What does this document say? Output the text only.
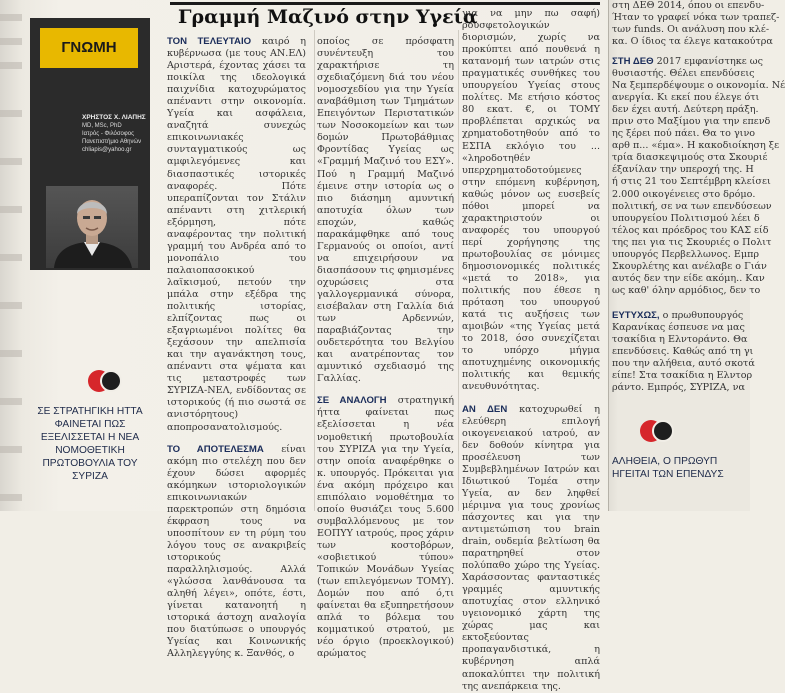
ΓΝΩΜΗ
ΧΡΗΣΤΟΣ Χ. ΛΙΑΠΗΣ
MD, MSc, PhD
Ιατρός - Φιλόσοφος
Πανεπιστήμιο Αθηνών
chliapis@yahoo.gr
ΣΕ ΣΤΡΑΤΗΓΙΚΗ ΗΤΤΑ ΦΑΙΝΕΤΑΙ ΠΩΣ ΕΞΕΛΙΣΣΕΤΑΙ Η ΝΕΑ ΝΟΜΟΘΕΤΙΚΗ ΠΡΩΤΟΒΟΥΛΙΑ ΤΟΥ ΣΥΡΙΖΑ
Γραμμή Μαζινό στην Υγεία

ΤΟΝ ΤΕΛΕΥΤΑΙΟ καιρό η κυβέρνωσα (με τους ΑΝ.ΕΛ) Αριστερά, έχοντας χάσει τα ποικίλα της ιδεολογικά παιχνίδια κατοχυρώματος απέναντι στην οικονομία. Υγεία και ασφάλεια, αναζητά συνεχώς επικοινωνιακές συνταγματικούς ως αμφιλεγόμενες και διασπαστικές ιστορικές αναφορές. Πότε υπεραπίζονται τον Στάλιν απέναντι στη χιτλερική εξόρμηση, πότε αναφέροντας την πολιτική γραμμή του Ανδρέα από το μονοπάλιο του παλαιοπασοκικού λαϊκισμού, πετούν την μπάλα στην εξέδρα της πολιτικής ιστορίας, ελπίζοντας πως οι εξαγριωμένοι πολίτες θα ξεχάσουν την απελπισία και την αγανάκτηση τους, απέναντι στα ψέματα και τις μεταστροφές των ΣΥΡΙΖΑ-ΝΕΛ, ενδίδοντας σε ιστορικούς (ή πιο σωστά σε ανιστόρητους) αποπροσανατολισμούς.

ΤΟ ΑΠΟΤΕΛΕΣΜΑ είναι ακόμη πιο στελέχη που δεν έχουν δώσει αφορμές ακόμηκων ιστοριολογικών επικοινωνιακών παρεκτροπών στη δημόσια έκφραση τους να υποσπίτουν εν τη ρύμη του λόγου τους σε ανακριβείς ιστορικούς παραλληλισμούς. Αλλά «γλώσσα λανθάνουσα τα αληθή λέγει», οπότε, έστι, γίνεται κατανοητή η ιστορικά άστοχη αναλογία που διατύπωσε ο υπουργός Υγείας και Κοινωνικής Αλληλεγγύης κ. Ξανθός, ο

οποίος σε πρόσφατη συνέντευξη του χαρακτήρισε τη σχεδιαζόμενη διά του νέου νομοσχεδίου για την Υγεία αναβάθμιση των Τμημάτων Επειγόντων Περιστατικών των Νοσοκομείων και των δομών Πρωτοβάθμιας Φροντίδας Υγείας ως «Γραμμή Μαζινό του ΕΣΥ». Πού η Γραμμή Μαζινό έμεινε στην ιστορία ως ο πιο διάσημη αμυντική αποτυχία όλων των εποχών, καθώς παρακάμφθηκε από τους Γερμανούς οι οποίοι, αντί να επιχειρήσουν να διασπάσουν τις φημισμένες οχυρώσεις στα γαλλογερμανικά σύνορα, εισέβαλαν στη Γαλλία διά των Αρδεννών, παραβιάζοντας την ουδετερότητα του Βελγίου και ανατρέποντας τον αμυντικό σχεδιασμό της Γαλλίας.

ΣΕ ΑΝΑΛΟΓΗ στρατηγική ήττα φαίνεται πως εξελίσσεται η νέα νομοθετική πρωτοβουλία του ΣΥΡΙΖΑ για την Υγεία, στην οποία αναφέρθηκε ο κ. υπουργός. Πρόκειται για ένα ακόμη πρόχειρο και επιπόλαιο νομοθέτημα το οποίο θυσιάζει τους 5.600 συμβαλλόμενους με τον ΕΟΠΥΥ ιατρούς, προς χάριν των κοστοβόρων, «σοβιετικού τύπου» Τοπικών Μονάδων Υγείας (των επιλεγόμενων ΤΟΜΥ). Δομών που από ό,τι φαίνεται θα εξυπηρετήσουν απλά το βόλεμα του κομματικού στρατού, με νέο όργιο (προεκλογικού) αρώματος

για να μην πω σαφή) ρουσφετολογικών διορισμών, χωρίς να προκύπτει από πουθενά η κατανομή των ιατρών στις πραγματικές συνθήκες του υπουργείου Υγείας στους πολίτες. Με ετήσιο κόστος 80 εκατ. €, οι ΤΟΜΥ προβλέπεται αρχικώς να χρηματοδοτηθούν από το ΕΣΠΑ εκλόγιο του ... «ληροδοτηθέν υπερχρηματοδοτούμενες στην επόμενη κυβέρνηση, καθώς μόνον ως ευσεβείς πόθοι μπορεί να χαρακτηριστούν οι αναφορές του υπουργού περί χορήγησης της πρωτοβουλίας σε μόνιμες δημοσιονομικές πολιτικές «μετά το 2018», για πολιτικής που έθεσε η πρόταση του υπουργού κατά τις αυξήσεις των αμοιβών «της Υγείας μετά το 2018, όσο συνεχίζεται το υπόρχο μήγμα αποτυχημένης οικονομικής πολιτικής και θεμικής ανευθυνότητας.

ΑΝ ΔΕΝ κατοχυρωθεί η ελεύθερη επιλογή οικογενειακού ιατρού, αν δεν δοθούν κίνητρα για προσέλευση των Συμβεβλημένων Ιατρών και Ιδιωτικού Τομέα στην Υγεία, αν δεν ληφθεί μέριμνα για τους χρονίως πάσχοντες και για την αντιμετώπιση του brain drain, ουδεμία βελτίωση θα παρατηρηθεί στον πολύπαθο χώρο της Υγείας. Χαράσσοντας φανταστικές γραμμές αμυντικής αποτυχίας στον ελληνικό υγειονομικό χάρτη της χώρας μας και εκτοξεύοντας προπαγανδιστικά, η κυβέρνηση απλά αποκαλύπτει την πολιτική της ανεπάρκεια της.

στη ΔΕΘ 2014, όπου οι επενδυ-
Ήταν το γραφεί νόκα των τραπεζ-
των funds. Οι ανάλυση που κλέ-
κα. Ο ίδιος τα έλεγε κατακούτρα
ΣΤΗ ΔΕΘ 2017 εμφανίστηκε ως
θυσιαστής. Θέλει επενδύσεις
Να ξεμπερδέψουμε ο οικονομία. Νέ
ανεργία. Κι εκεί που έλεγε ότι
δεν έχει αυτή. Δεύτερη πράξη.
πριν στο Μαξίμου για την επενδ
ης ξέρει πού πάει. Θα το γινο
αρθ π... «έμα». Η κακοδιοίκηση ξε
τρία διασκεψιμούς στα Σκουριέ
έξανίλαν την υπεροχή της. Η
ή στις 21 του Σεπτέμβρη κλείσει
2.000 οικογένειες στο δρόμο.
πολιτική, σε να των επενδύσεων
υπουργείου Πολιτισμού λέει δ
τέλος και πρόεδρος του ΚΑΣ είδ
της πει για τις Σκουριές ο Πολιτ
υπουργός Περβελλωνος. Εμπρ
Σκουρλέτης και ανέλαβε ο Γιάν
αυτός δεν την είδε ακόμη.. Καν
ως καθ' όλην αρμόδιος, δεν το
ΕΥΤΥΧΩΣ, ο πρωθυπουργός
Καρανίκας έσπευσε να μας
τσακίδια η Ελντοράντο. Θα
επενδύσεις. Καθώς από τη γι
που την αλήθεια, αυτό σκοτά
είπε! Στα τσακίδια η Ελντορ
ράντο. Εμπρός, ΣΥΡΙΖΑ, να
ΑΛΗΘΕΙΑ, Ο ΠΡΩΘΥΠ ΗΓΕΙΤΑΙ ΤΩΝ ΕΠΕΝΔΥΣ
